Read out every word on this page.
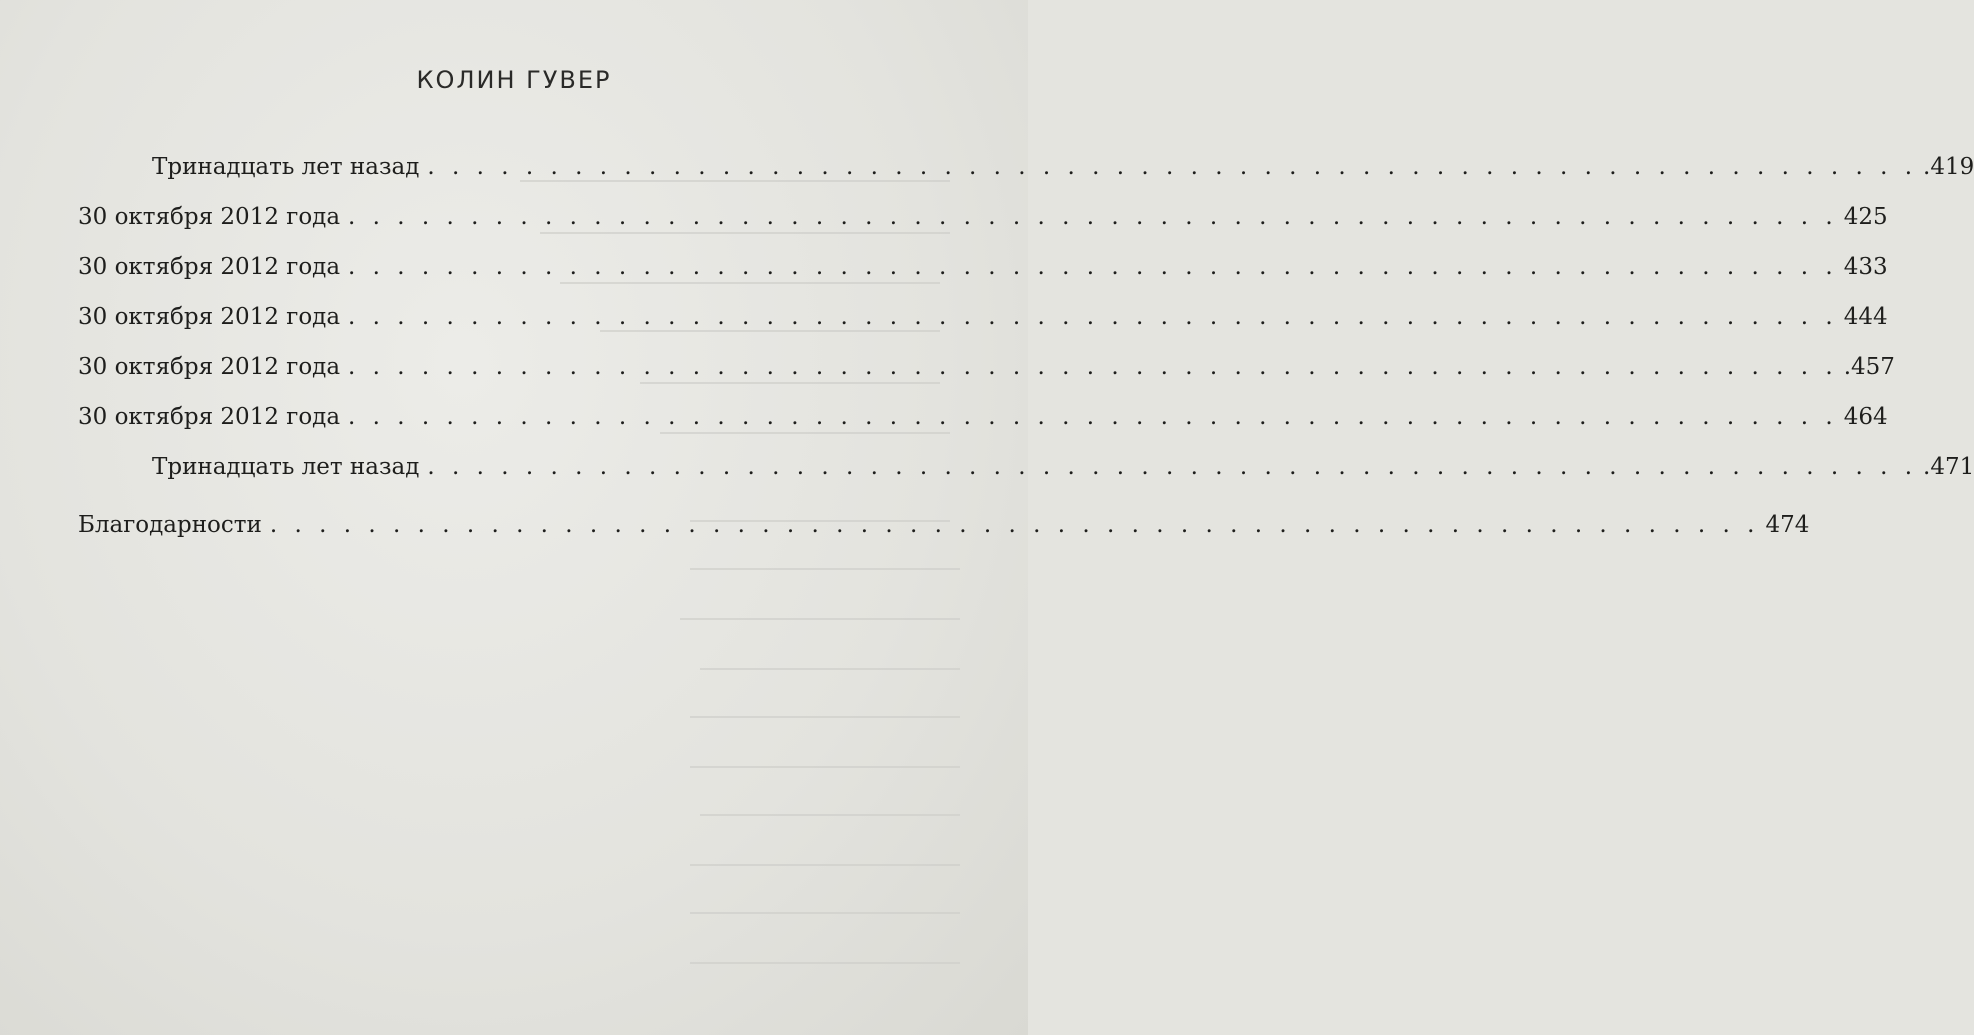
КОЛИН ГУВЕР
Тринадцать лет назад . . . . . . . . . . . . . . . . . . . . . . . . . . . . . . . . . . . . . . . . . . . . . . . . . . . . . . . . . . . . . .419
30 октября 2012 года . . . . . . . . . . . . . . . . . . . . . . . . . . . . . . . . . . . . . . . . . . . . . . . . . . . . . . . . . . . . . 425
30 октября 2012 года . . . . . . . . . . . . . . . . . . . . . . . . . . . . . . . . . . . . . . . . . . . . . . . . . . . . . . . . . . . . . 433
30 октября 2012 года . . . . . . . . . . . . . . . . . . . . . . . . . . . . . . . . . . . . . . . . . . . . . . . . . . . . . . . . . . . . . 444
30 октября 2012 года . . . . . . . . . . . . . . . . . . . . . . . . . . . . . . . . . . . . . . . . . . . . . . . . . . . . . . . . . . . . . .457
30 октября 2012 года . . . . . . . . . . . . . . . . . . . . . . . . . . . . . . . . . . . . . . . . . . . . . . . . . . . . . . . . . . . . . 464
Тринадцать лет назад . . . . . . . . . . . . . . . . . . . . . . . . . . . . . . . . . . . . . . . . . . . . . . . . . . . . . . . . . . . . . .471
Благодарности . . . . . . . . . . . . . . . . . . . . . . . . . . . . . . . . . . . . . . . . . . . . . . . . . . . . . . . . . . . . . 474
